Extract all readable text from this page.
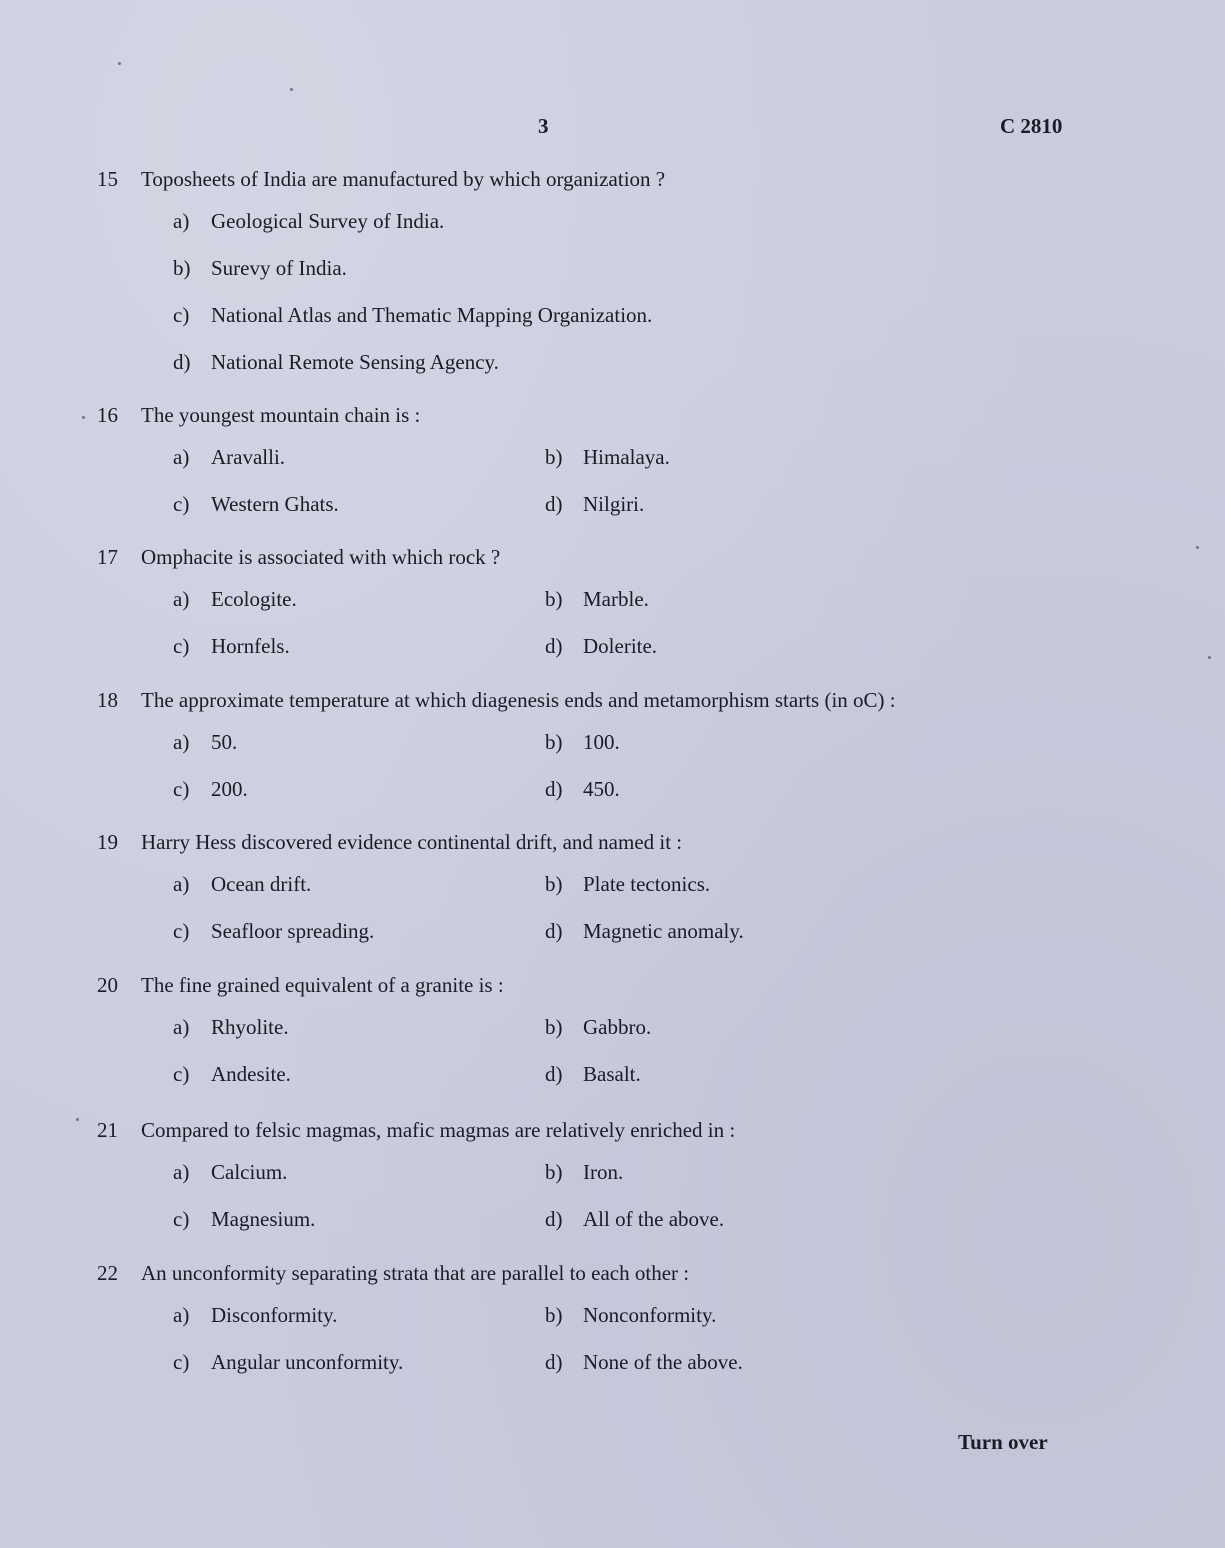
3	C 2810
15 Toposheets of India are manufactured by which organization ?
a) Geological Survey of India.
b) Surevy of India.
c) National Atlas and Thematic Mapping Organization.
d) National Remote Sensing Agency.
16 The youngest mountain chain is :
a) Aravalli.	b) Himalaya.
c) Western Ghats.	d) Nilgiri.
17 Omphacite is associated with which rock ?
a) Ecologite.	b) Marble.
c) Hornfels.	d) Dolerite.
18 The approximate temperature at which diagenesis ends and metamorphism starts (in oC) :
a) 50.	b) 100.
c) 200.	d) 450.
19 Harry Hess discovered evidence continental drift, and named it :
a) Ocean drift.	b) Plate tectonics.
c) Seafloor spreading.	d) Magnetic anomaly.
20 The fine grained equivalent of a granite is :
a) Rhyolite.	b) Gabbro.
c) Andesite.	d) Basalt.
21 Compared to felsic magmas, mafic magmas are relatively enriched in :
a) Calcium.	b) Iron.
c) Magnesium.	d) All of the above.
22 An unconformity separating strata that are parallel to each other :
a) Disconformity.	b) Nonconformity.
c) Angular unconformity.	d) None of the above.
Turn over
